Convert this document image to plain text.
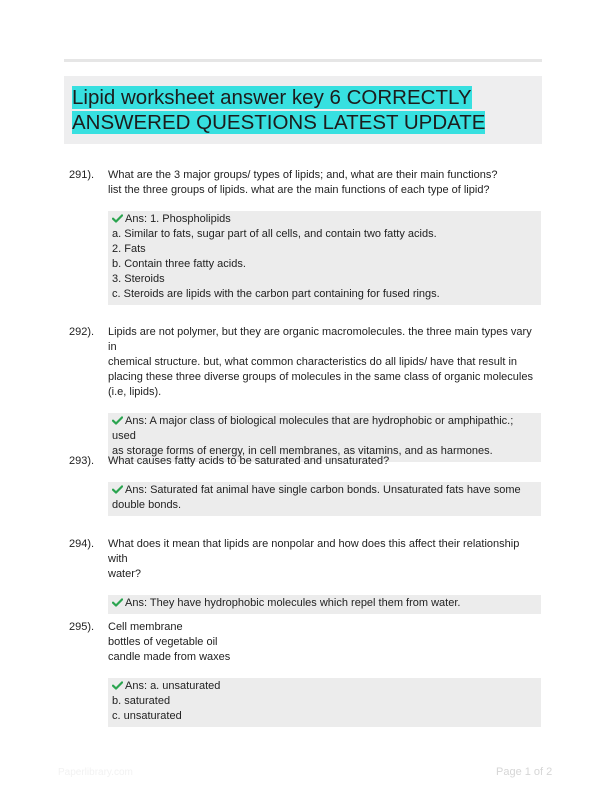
Lipid worksheet answer key 6 CORRECTLY
ANSWERED QUESTIONS LATEST UPDATE
291). What are the 3 major groups/ types of lipids; and, what are their main functions?
list the three groups of lipids. what are the main functions of each type of lipid?
Ans: 1. Phospholipids
a. Similar to fats, sugar part of all cells, and contain two fatty acids.
2. Fats
b. Contain three fatty acids.
3. Steroids
c. Steroids are lipids with the carbon part containing for fused rings.
292). Lipids are not polymer, but they are organic macromolecules. the three main types vary in
chemical structure. but, what common characteristics do all lipids/ have that result in
placing these three diverse groups of molecules in the same class of organic molecules
(i.e, lipids).
Ans: A major class of biological molecules that are hydrophobic or amphipathic.; used
as storage forms of energy, in cell membranes, as vitamins, and as harmones.
293). What causes fatty acids to be saturated and unsaturated?
Ans: Saturated fat animal have single carbon bonds. Unsaturated fats have some
double bonds.
294). What does it mean that lipids are nonpolar and how does this affect their relationship with
water?
Ans: They have hydrophobic molecules which repel them from water.
295). Cell membrane
bottles of vegetable oil
candle made from waxes
Ans: a. unsaturated
b. saturated
c. unsaturated
Paperlibrary.com	Page 1 of 2
